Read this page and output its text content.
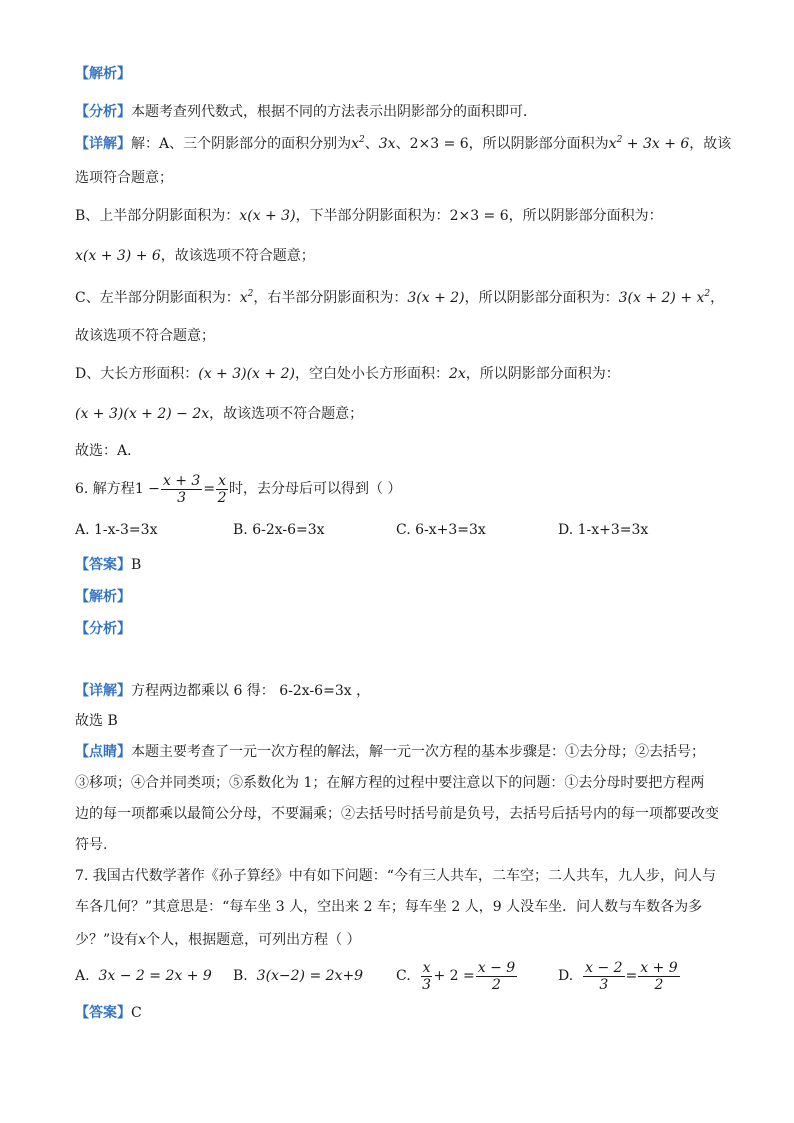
【解析】
【分析】本题考查列代数式，根据不同的方法表示出阴影部分的面积即可．
【详解】解：A、三个阴影部分的面积分别为$x^2$、3x、2×3 = 6，所以阴影部分面积为$x^2 + 3x + 6$，故该
选项符合题意；
B、上半部分阴影面积为：x(x + 3)，下半部分阴影面积为：2×3 = 6，所以阴影部分面积为：
x(x + 3) + 6，故该选项不符合题意；
C、左半部分阴影面积为：$x^2$，右半部分阴影面积为：3(x + 2)，所以阴影部分面积为：$3(x + 2) + x^2$，
故该选项不符合题意；
D、大长方形面积：(x + 3)(x + 2)，空白处小长方形面积：2x，所以阴影部分面积为：
(x + 3)(x + 2) − 2x，故该选项不符合题意；
故选：A．
6. 解方程$1 - \frac{x + 3}{3} = \frac{x}{2}$ 时，去分母后可以得到（ ）
A. 1-x-3=3x	B. 6-2x-6=3x	C. 6-x+3=3x	D. 1-x+3=3x
【答案】B
【解析】
【分析】
【详解】方程两边都乘以 6 得： 6-2x-6=3x ，
故选 B
【点睛】本题主要考查了一元一次方程的解法，解一元一次方程的基本步骤是：①去分母；②去括号；
③移项；④合并同类项；⑤系数化为 1；在解方程的过程中要注意以下的问题：①去分母时要把方程两
边的每一项都乘以最简公分母，不要漏乘；②去括号时括号前是负号，去括号后括号内的每一项都要改变
符号.
7. 我国古代数学著作《孙子算经》中有如下问题：“今有三人共车，二车空；二人共车，九人步，问人与
车各几何？”其意思是：“每车坐 3 人，空出来 2 车；每车坐 2 人，9 人没车坐．问人数与车数各为多
少？”设有x个人，根据题意，可列出方程（ ）
A. 3x − 2 = 2x + 9 B. 3(x−2) = 2x+9 C. $\frac{x}{3} + 2 = \frac{x - 9}{2}$	D. $\frac{x - 2}{3} = \frac{x + 9}{2}$
【答案】C
